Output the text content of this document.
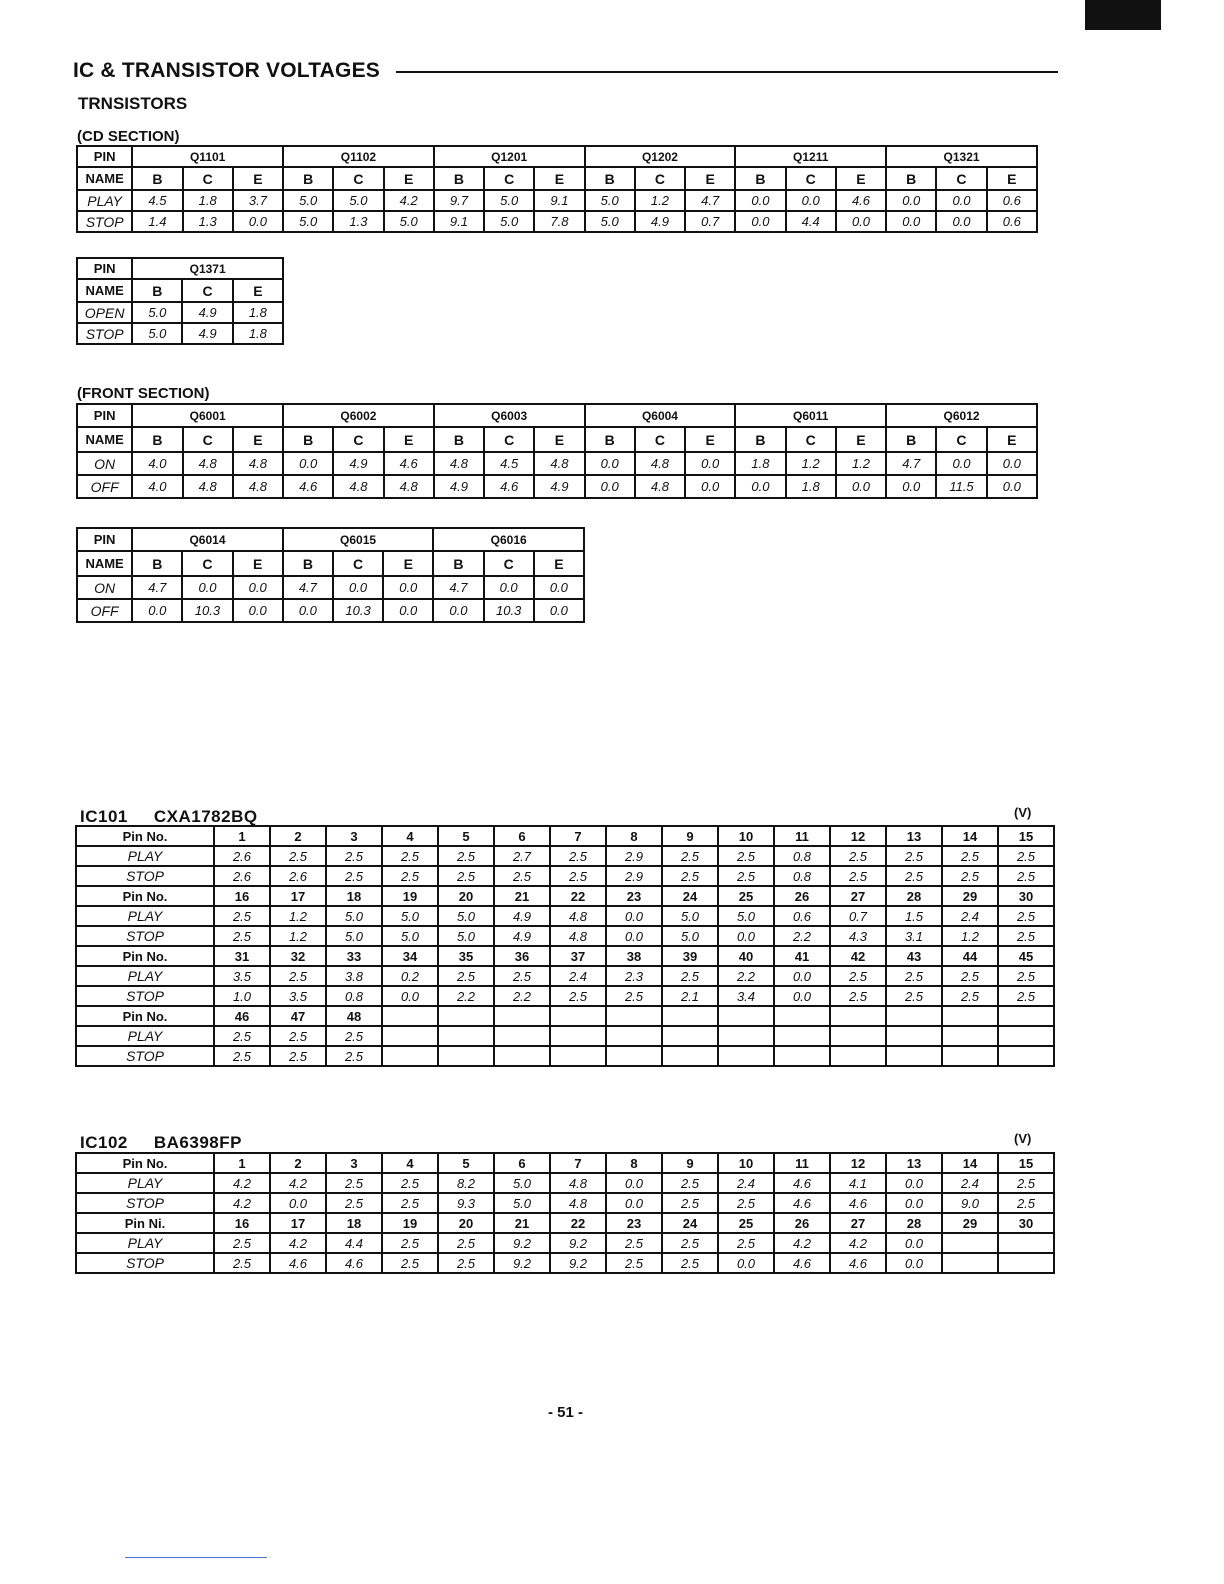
IC & TRANSISTOR VOLTAGES
TRNSISTORS
(CD SECTION)
PIN	Q1101			Q1102			Q1201			Q1202			Q1211			Q1321		
NAME	B	C	E	B	C	E	B	C	E	B	C	E	B	C	E	B	C	E
PLAY	4.5	1.8	3.7	5.0	5.0	4.2	9.7	5.0	9.1	5.0	1.2	4.7	0.0	0.0	4.6	0.0	0.0	0.6
STOP	1.4	1.3	0.0	5.0	1.3	5.0	9.1	5.0	7.8	5.0	4.9	0.7	0.0	4.4	0.0	0.0	0.0	0.6
PIN	Q1371		
NAME	B	C	E
OPEN	5.0	4.9	1.8
STOP	5.0	4.9	1.8
(FRONT SECTION)
PIN	Q6001			Q6002			Q6003			Q6004			Q6011			Q6012		
NAME	B	C	E	B	C	E	B	C	E	B	C	E	B	C	E	B	C	E
ON	4.0	4.8	4.8	0.0	4.9	4.6	4.8	4.5	4.8	0.0	4.8	0.0	1.8	1.2	1.2	4.7	0.0	0.0
OFF	4.0	4.8	4.8	4.6	4.8	4.8	4.9	4.6	4.9	0.0	4.8	0.0	0.0	1.8	0.0	0.0	11.5	0.0
PIN	Q6014			Q6015			Q6016		
NAME	B	C	E	B	C	E	B	C	E
ON	4.7	0.0	0.0	4.7	0.0	0.0	4.7	0.0	0.0
OFF	0.0	10.3	0.0	0.0	10.3	0.0	0.0	10.3	0.0
IC101 CXA1782BQ	(V)
Pin No.	1	2	3	4	5	6	7	8	9	10	11	12	13	14	15
PLAY	2.6	2.5	2.5	2.5	2.5	2.7	2.5	2.9	2.5	2.5	0.8	2.5	2.5	2.5	2.5
STOP	2.6	2.6	2.5	2.5	2.5	2.5	2.5	2.9	2.5	2.5	0.8	2.5	2.5	2.5	2.5
Pin No.	16	17	18	19	20	21	22	23	24	25	26	27	28	29	30
PLAY	2.5	1.2	5.0	5.0	5.0	4.9	4.8	0.0	5.0	5.0	0.6	0.7	1.5	2.4	2.5
STOP	2.5	1.2	5.0	5.0	5.0	4.9	4.8	0.0	5.0	0.0	2.2	4.3	3.1	1.2	2.5
Pin No.	31	32	33	34	35	36	37	38	39	40	41	42	43	44	45
PLAY	3.5	2.5	3.8	0.2	2.5	2.5	2.4	2.3	2.5	2.2	0.0	2.5	2.5	2.5	2.5
STOP	1.0	3.5	0.8	0.0	2.2	2.2	2.5	2.5	2.1	3.4	0.0	2.5	2.5	2.5	2.5
Pin No.	46	47	48												
PLAY	2.5	2.5	2.5												
STOP	2.5	2.5	2.5												
IC102 BA6398FP	(V)
Pin No.	1	2	3	4	5	6	7	8	9	10	11	12	13	14	15
PLAY	4.2	4.2	2.5	2.5	8.2	5.0	4.8	0.0	2.5	2.4	4.6	4.1	0.0	2.4	2.5
STOP	4.2	0.0	2.5	2.5	9.3	5.0	4.8	0.0	2.5	2.5	4.6	4.6	0.0	9.0	2.5
Pin Ni.	16	17	18	19	20	21	22	23	24	25	26	27	28	29	30
PLAY	2.5	4.2	4.4	2.5	2.5	9.2	9.2	2.5	2.5	2.5	4.2	4.2	0.0		
STOP	2.5	4.6	4.6	2.5	2.5	9.2	9.2	2.5	2.5	0.0	4.6	4.6	0.0		
- 51 -
